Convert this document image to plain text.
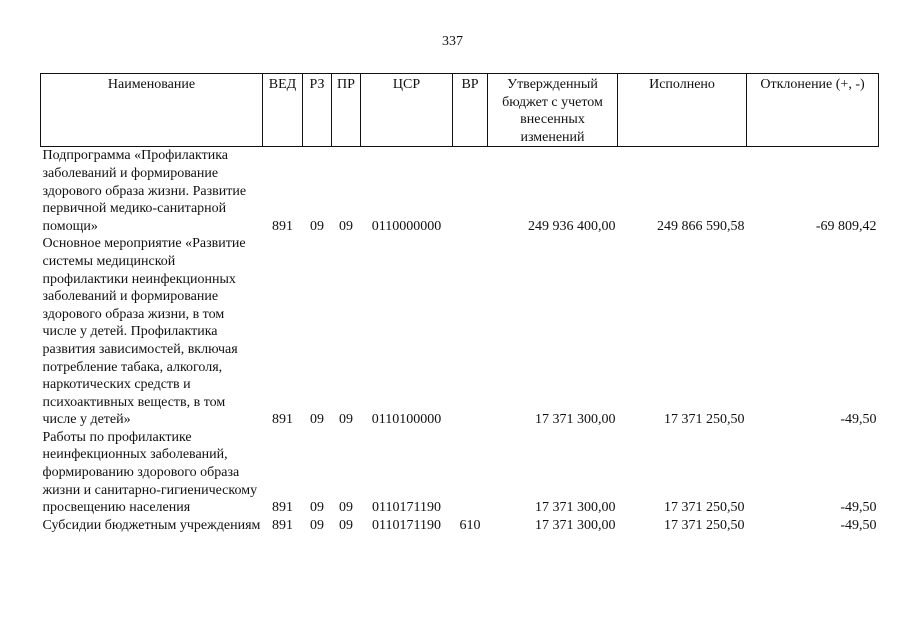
337
Наименование	ВЕД	РЗ	ПР	ЦСР	ВР	Утвержденный бюджет с учетом внесенных изменений	Исполнено	Отклонение (+, -)

Подпрограмма «Профилактика заболеваний и формирование здорового образа жизни. Развитие первичной медико-санитарной помощи»	891	09	09	0110000000		249 936 400,00	249 866 590,58	-69 809,42

Основное мероприятие «Развитие системы медицинской профилактики неинфекционных заболеваний и формирование здорового образа жизни, в том числе у детей. Профилактика развития зависимостей, включая потребление табака, алкоголя, наркотических средств и психоактивных веществ, в том числе у детей»	891	09	09	0110100000		17 371 300,00	17 371 250,50	-49,50

Работы по профилактике неинфекционных заболеваний, формированию здорового образа жизни и санитарно-гигиеническому просвещению населения	891	09	09	0110171190		17 371 300,00	17 371 250,50	-49,50

Субсидии бюджетным учреждениям	891	09	09	0110171190	610	17 371 300,00	17 371 250,50	-49,50
